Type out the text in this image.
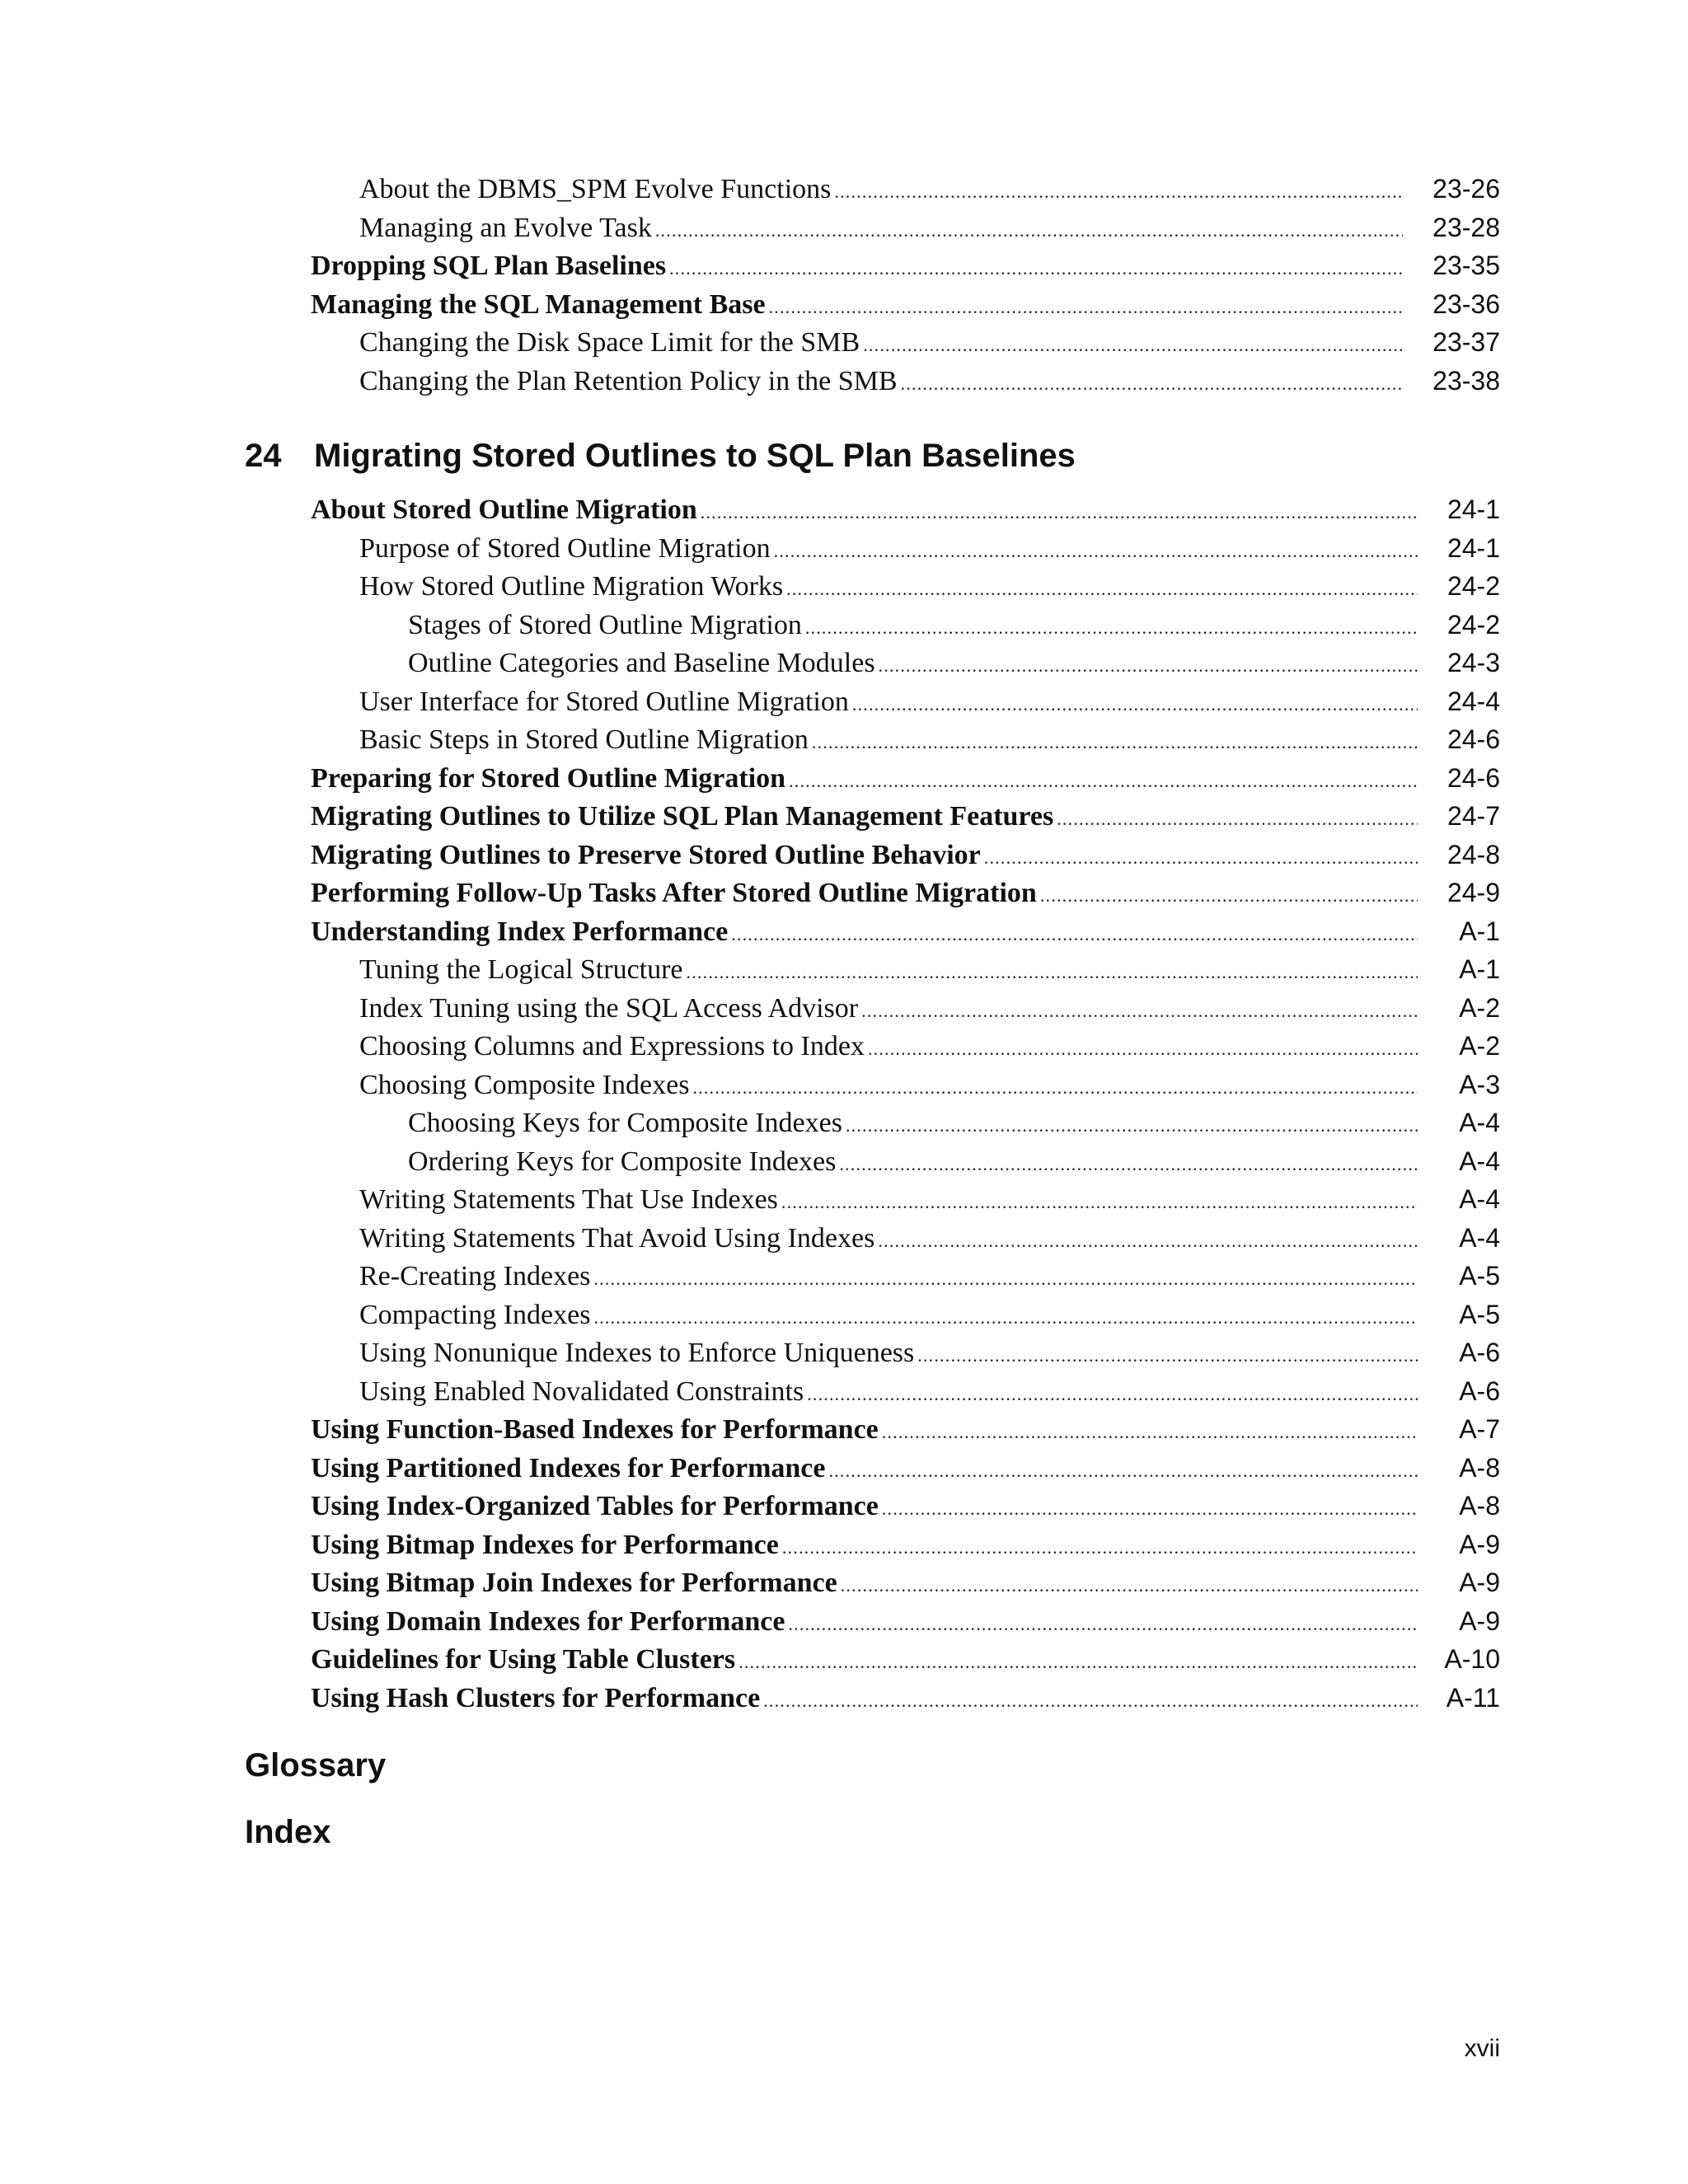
About the DBMS_SPM Evolve Functions .....	23-26
Managing an Evolve Task .....	23-28
Dropping SQL Plan Baselines .....	23-35
Managing the SQL Management Base .....	23-36
Changing the Disk Space Limit for the SMB .....	23-37
Changing the Plan Retention Policy in the SMB .....	23-38
24 Migrating Stored Outlines to SQL Plan Baselines
About Stored Outline Migration .....	24-1
Purpose of Stored Outline Migration .....	24-1
How Stored Outline Migration Works .....	24-2
Stages of Stored Outline Migration .....	24-2
Outline Categories and Baseline Modules .....	24-3
User Interface for Stored Outline Migration .....	24-4
Basic Steps in Stored Outline Migration .....	24-6
Preparing for Stored Outline Migration .....	24-6
Migrating Outlines to Utilize SQL Plan Management Features .....	24-7
Migrating Outlines to Preserve Stored Outline Behavior .....	24-8
Performing Follow-Up Tasks After Stored Outline Migration .....	24-9
Understanding Index Performance .....	A-1
Tuning the Logical Structure .....	A-1
Index Tuning using the SQL Access Advisor .....	A-2
Choosing Columns and Expressions to Index .....	A-2
Choosing Composite Indexes .....	A-3
Choosing Keys for Composite Indexes .....	A-4
Ordering Keys for Composite Indexes .....	A-4
Writing Statements That Use Indexes .....	A-4
Writing Statements That Avoid Using Indexes .....	A-4
Re-Creating Indexes .....	A-5
Compacting Indexes .....	A-5
Using Nonunique Indexes to Enforce Uniqueness .....	A-6
Using Enabled Novalidated Constraints .....	A-6
Using Function-Based Indexes for Performance .....	A-7
Using Partitioned Indexes for Performance .....	A-8
Using Index-Organized Tables for Performance .....	A-8
Using Bitmap Indexes for Performance .....	A-9
Using Bitmap Join Indexes for Performance .....	A-9
Using Domain Indexes for Performance .....	A-9
Guidelines for Using Table Clusters .....	A-10
Using Hash Clusters for Performance .....	A-11
Glossary
Index
xvii
